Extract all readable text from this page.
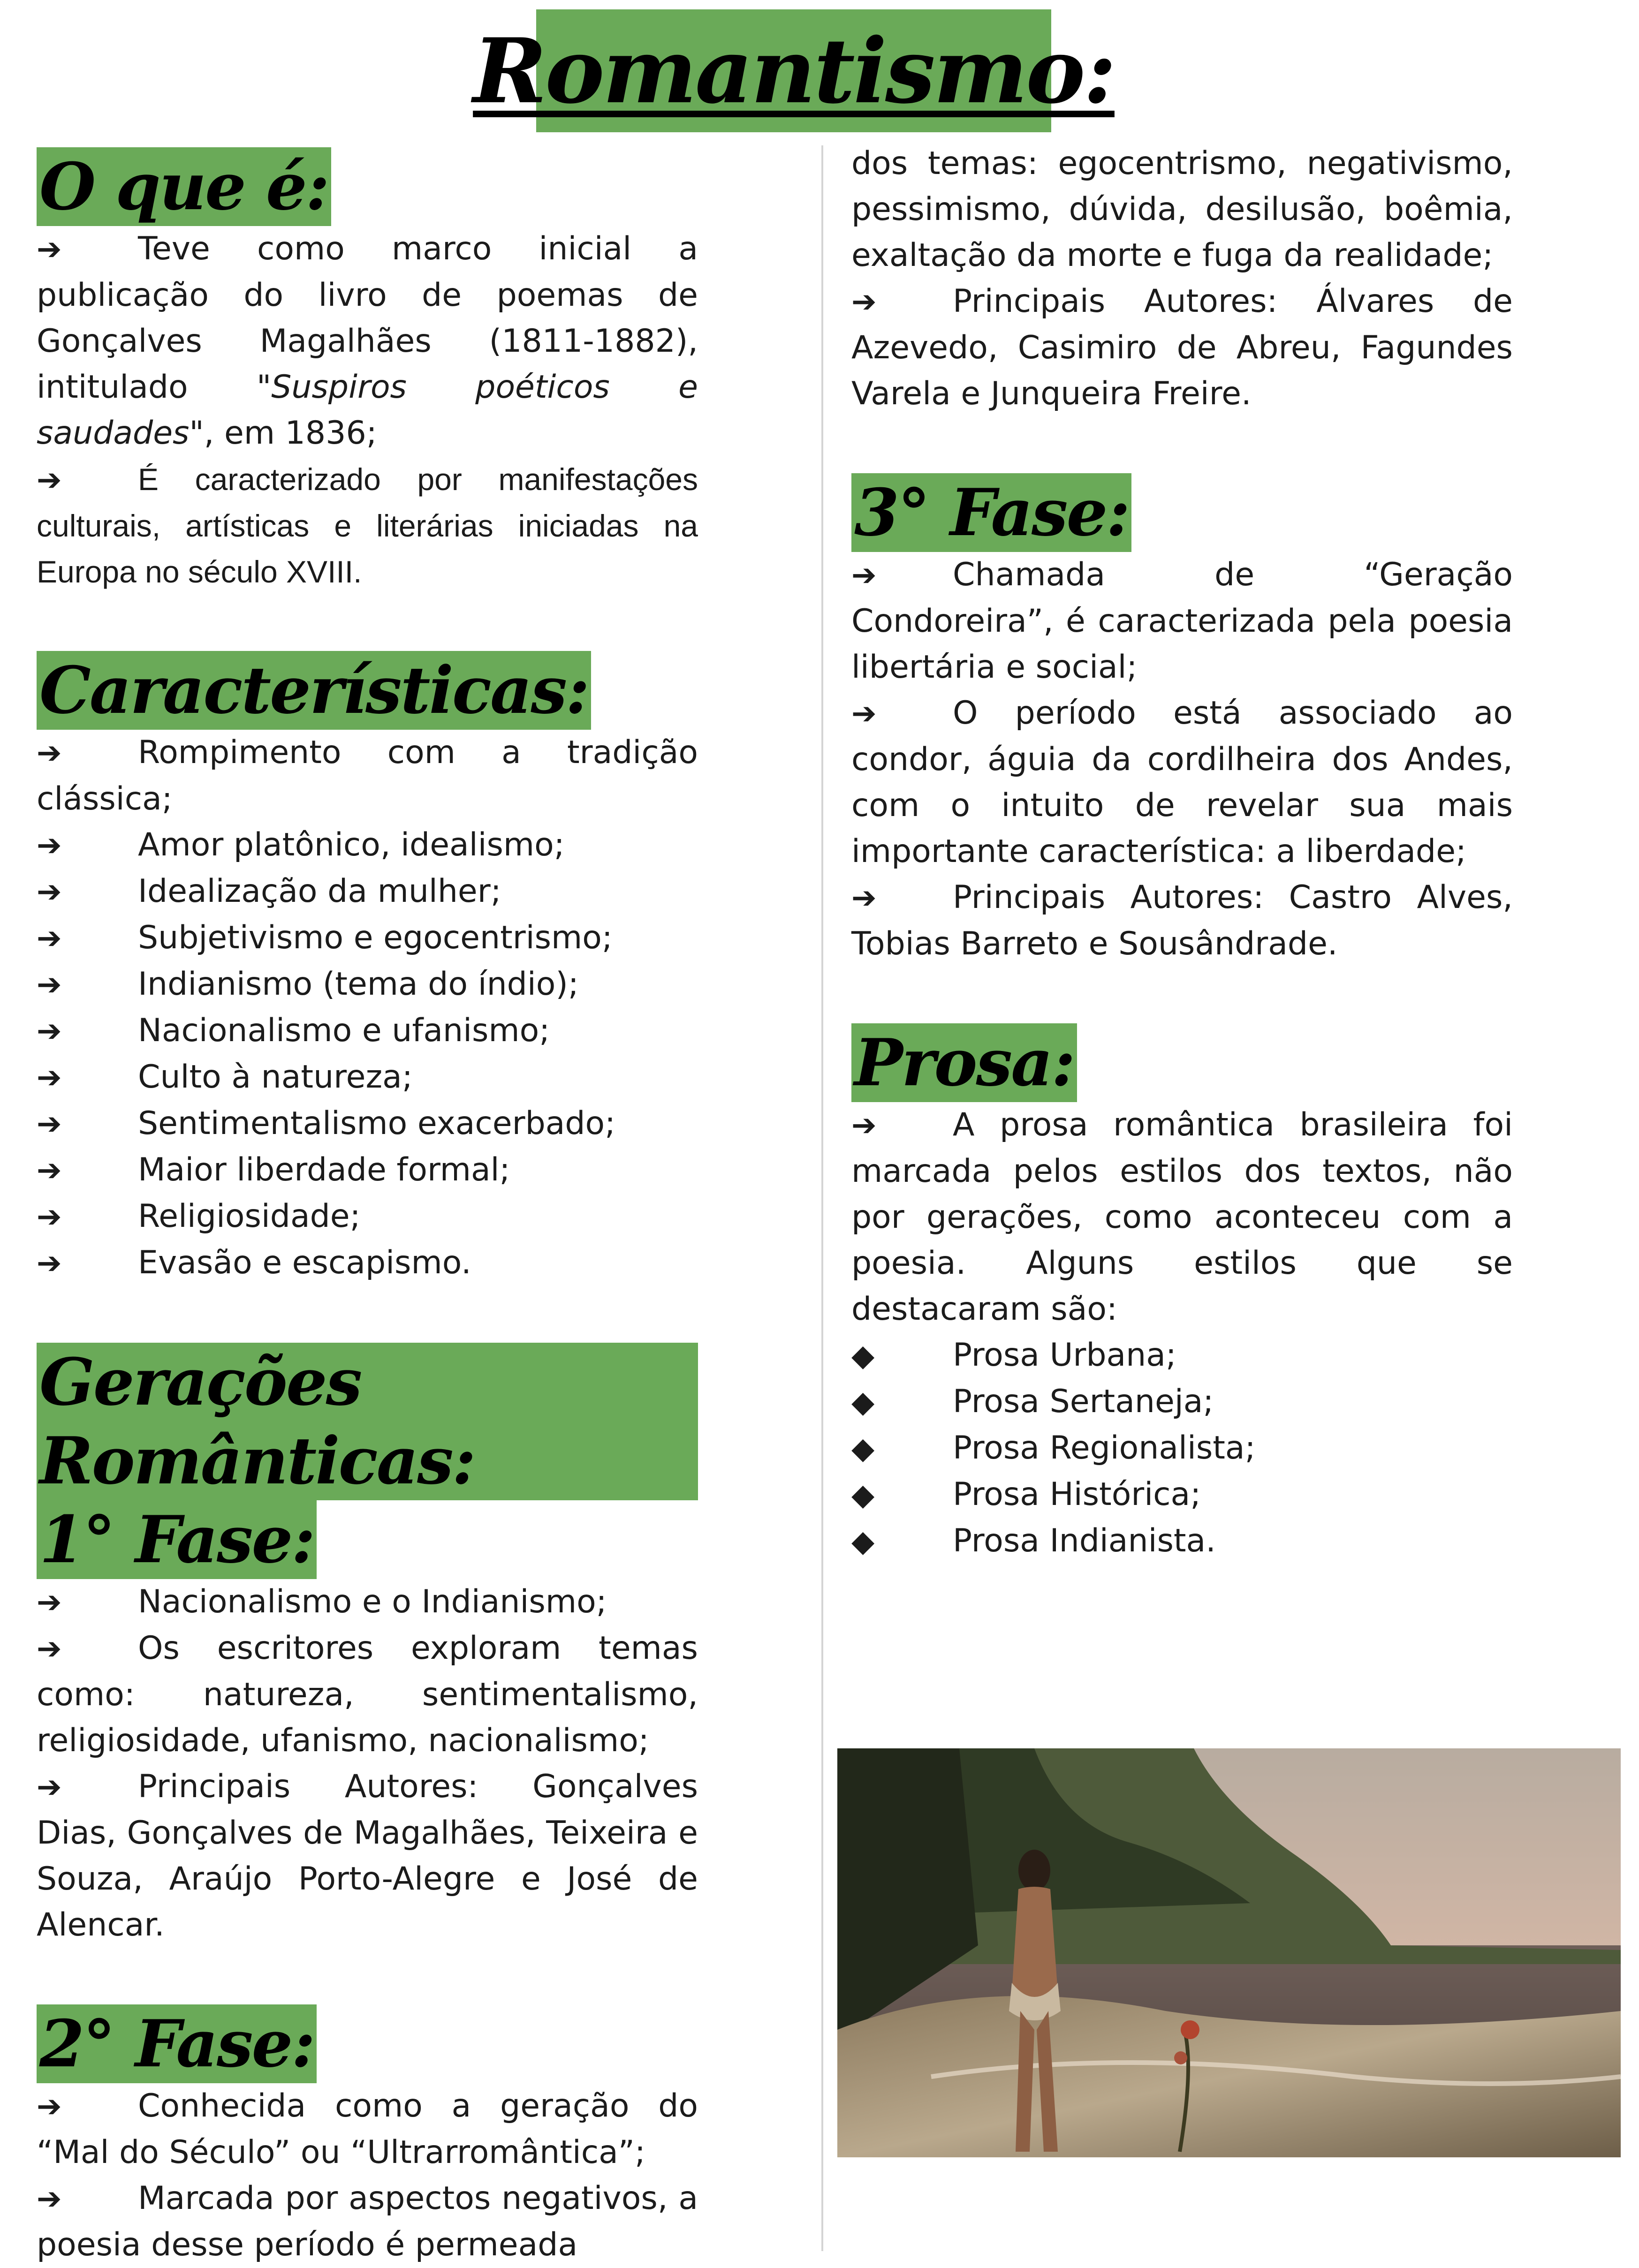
Romantismo:
O que é:

➔Teve como marco inicial a publicação do livro de poemas de Gonçalves Magalhães (1811-1882), intitulado "Suspiros poéticos e saudades", em 1836;

➔É caracterizado por manifestações culturais, artísticas e literárias iniciadas na Europa no século XVIII.

Características:

➔Rompimento com a tradição clássica;

➔Amor platônico, idealismo;

➔Idealização da mulher;

➔Subjetivismo e egocentrismo;

➔Indianismo (tema do índio);

➔Nacionalismo e ufanismo;

➔Culto à natureza;

➔Sentimentalismo exacerbado;

➔Maior liberdade formal;

➔Religiosidade;

➔Evasão e escapismo.

Gerações Românticas:
1° Fase:

➔Nacionalismo e o Indianismo;

➔Os escritores exploram temas como: natureza, sentimentalismo, religiosidade, ufanismo, nacionalismo;

➔Principais Autores: Gonçalves Dias, Gonçalves de Magalhães, Teixeira e Souza, Araújo Porto-Alegre e José de Alencar.

2° Fase:

➔Conhecida como a geração do “Mal do Século” ou “Ultrarromântica”;

➔Marcada por aspectos negativos, a poesia desse período é permeada

dos temas: egocentrismo, negativismo, pessimismo, dúvida, desilusão, boêmia, exaltação da morte e fuga da realidade;

➔Principais Autores: Álvares de Azevedo, Casimiro de Abreu, Fagundes Varela e Junqueira Freire.

3° Fase:

➔Chamada de “Geração Condoreira”, é caracterizada pela poesia libertária e social;

➔O período está associado ao condor, águia da cordilheira dos Andes, com o intuito de revelar sua mais importante característica: a liberdade;

➔Principais Autores: Castro Alves, Tobias Barreto e Sousândrade.

Prosa:

➔A prosa romântica brasileira foi marcada pelos estilos dos textos, não por gerações, como aconteceu com a poesia. Alguns estilos que se destacaram são:

◆Prosa Urbana;

◆Prosa Sertaneja;

◆Prosa Regionalista;

◆Prosa Histórica;

◆Prosa Indianista.
